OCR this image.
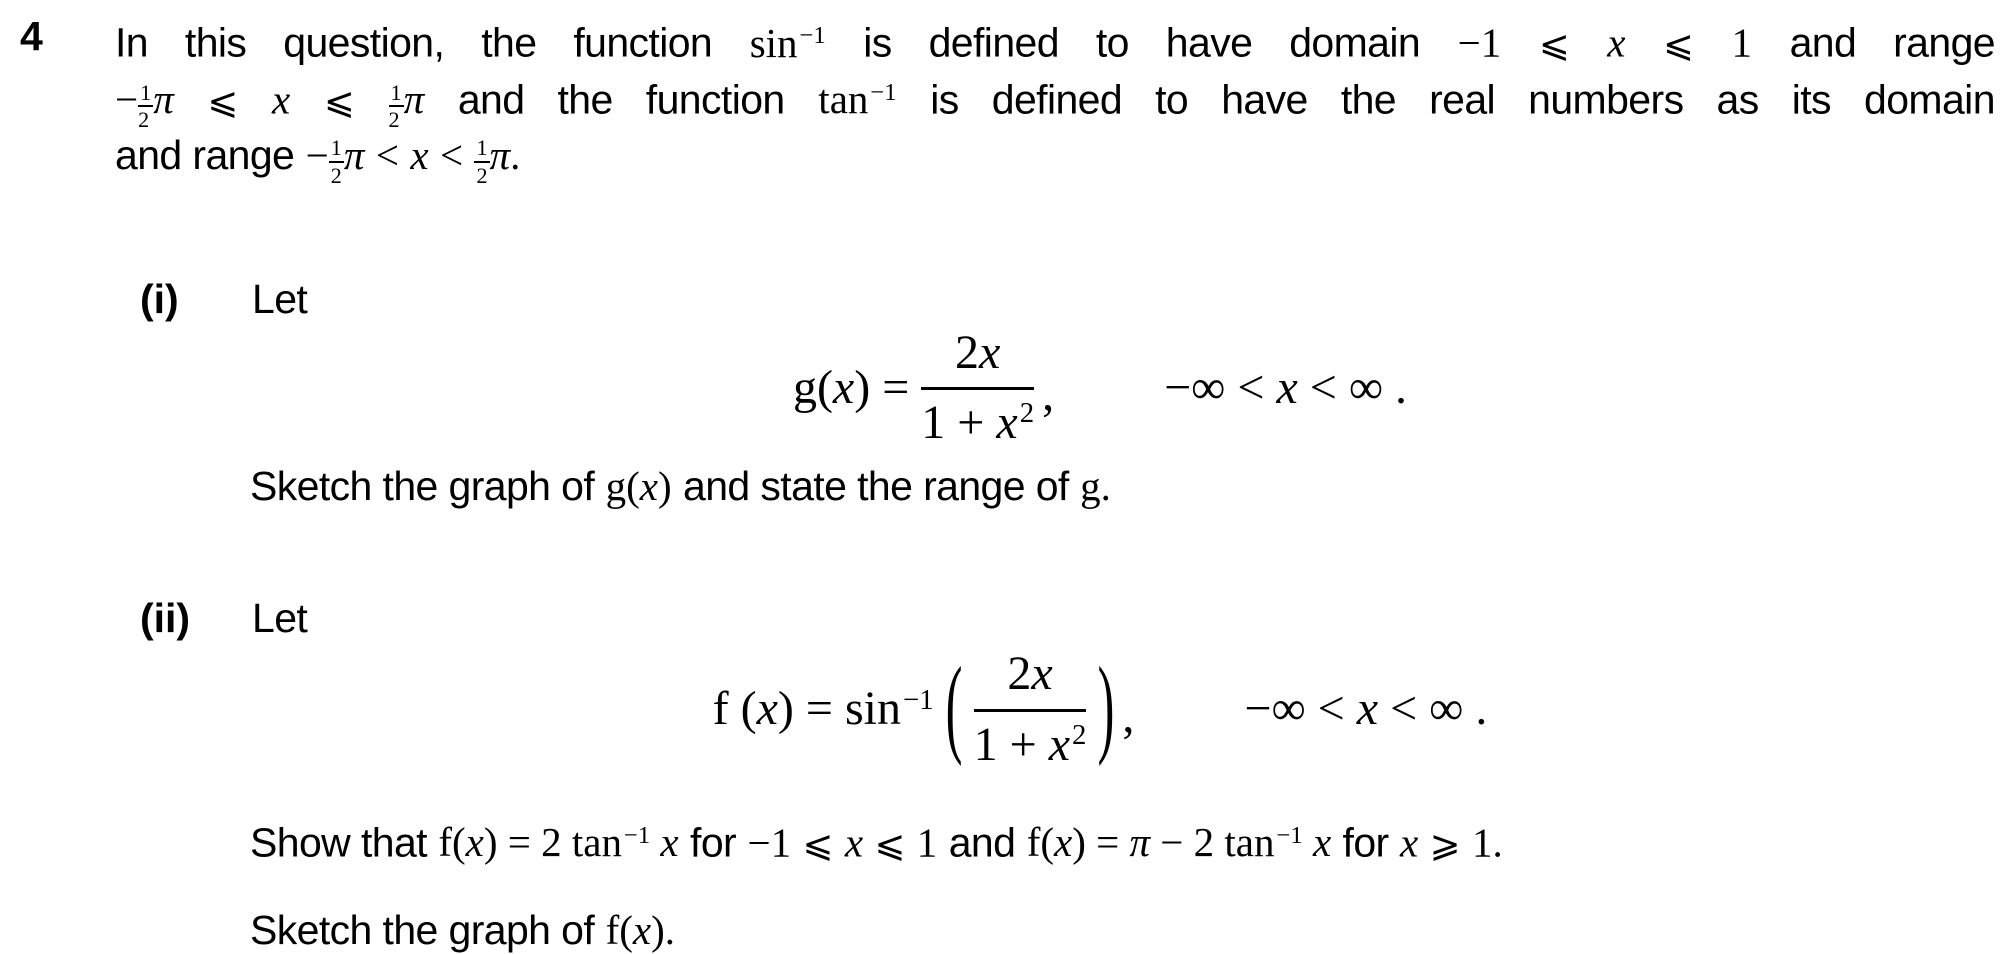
4	In this question, the function $\sin^{-1}$ is defined to have domain −1 ⩽ x ⩽ 1 and range
− $\frac{1}{2}$ π ⩽ x ⩽ $\frac{1}{2}$ π and the function $\tan^{-1}$ is defined to have the real numbers as its domain
and range − $\frac{1}{2}$ $\pi < x < \frac{1}{2} \pi$.
(i)	Let
$g(x) = \frac{2x}{1 + x^2}$ , −∞ < x < ∞ .
Sketch the graph of g(x) and state the range of g.
(ii)	Let
f $(x) = \sin^{-1}$ ( $\frac{2x}{1 + x^2}$ ) , −∞ < x < ∞ .
Show that f(x) = 2 $\tan^{-1} x$ for −1 ⩽ x ⩽ 1 and f(x) = π − 2 $\tan^{-1} x$ for x ⩾ 1.
Sketch the graph of f(x).
